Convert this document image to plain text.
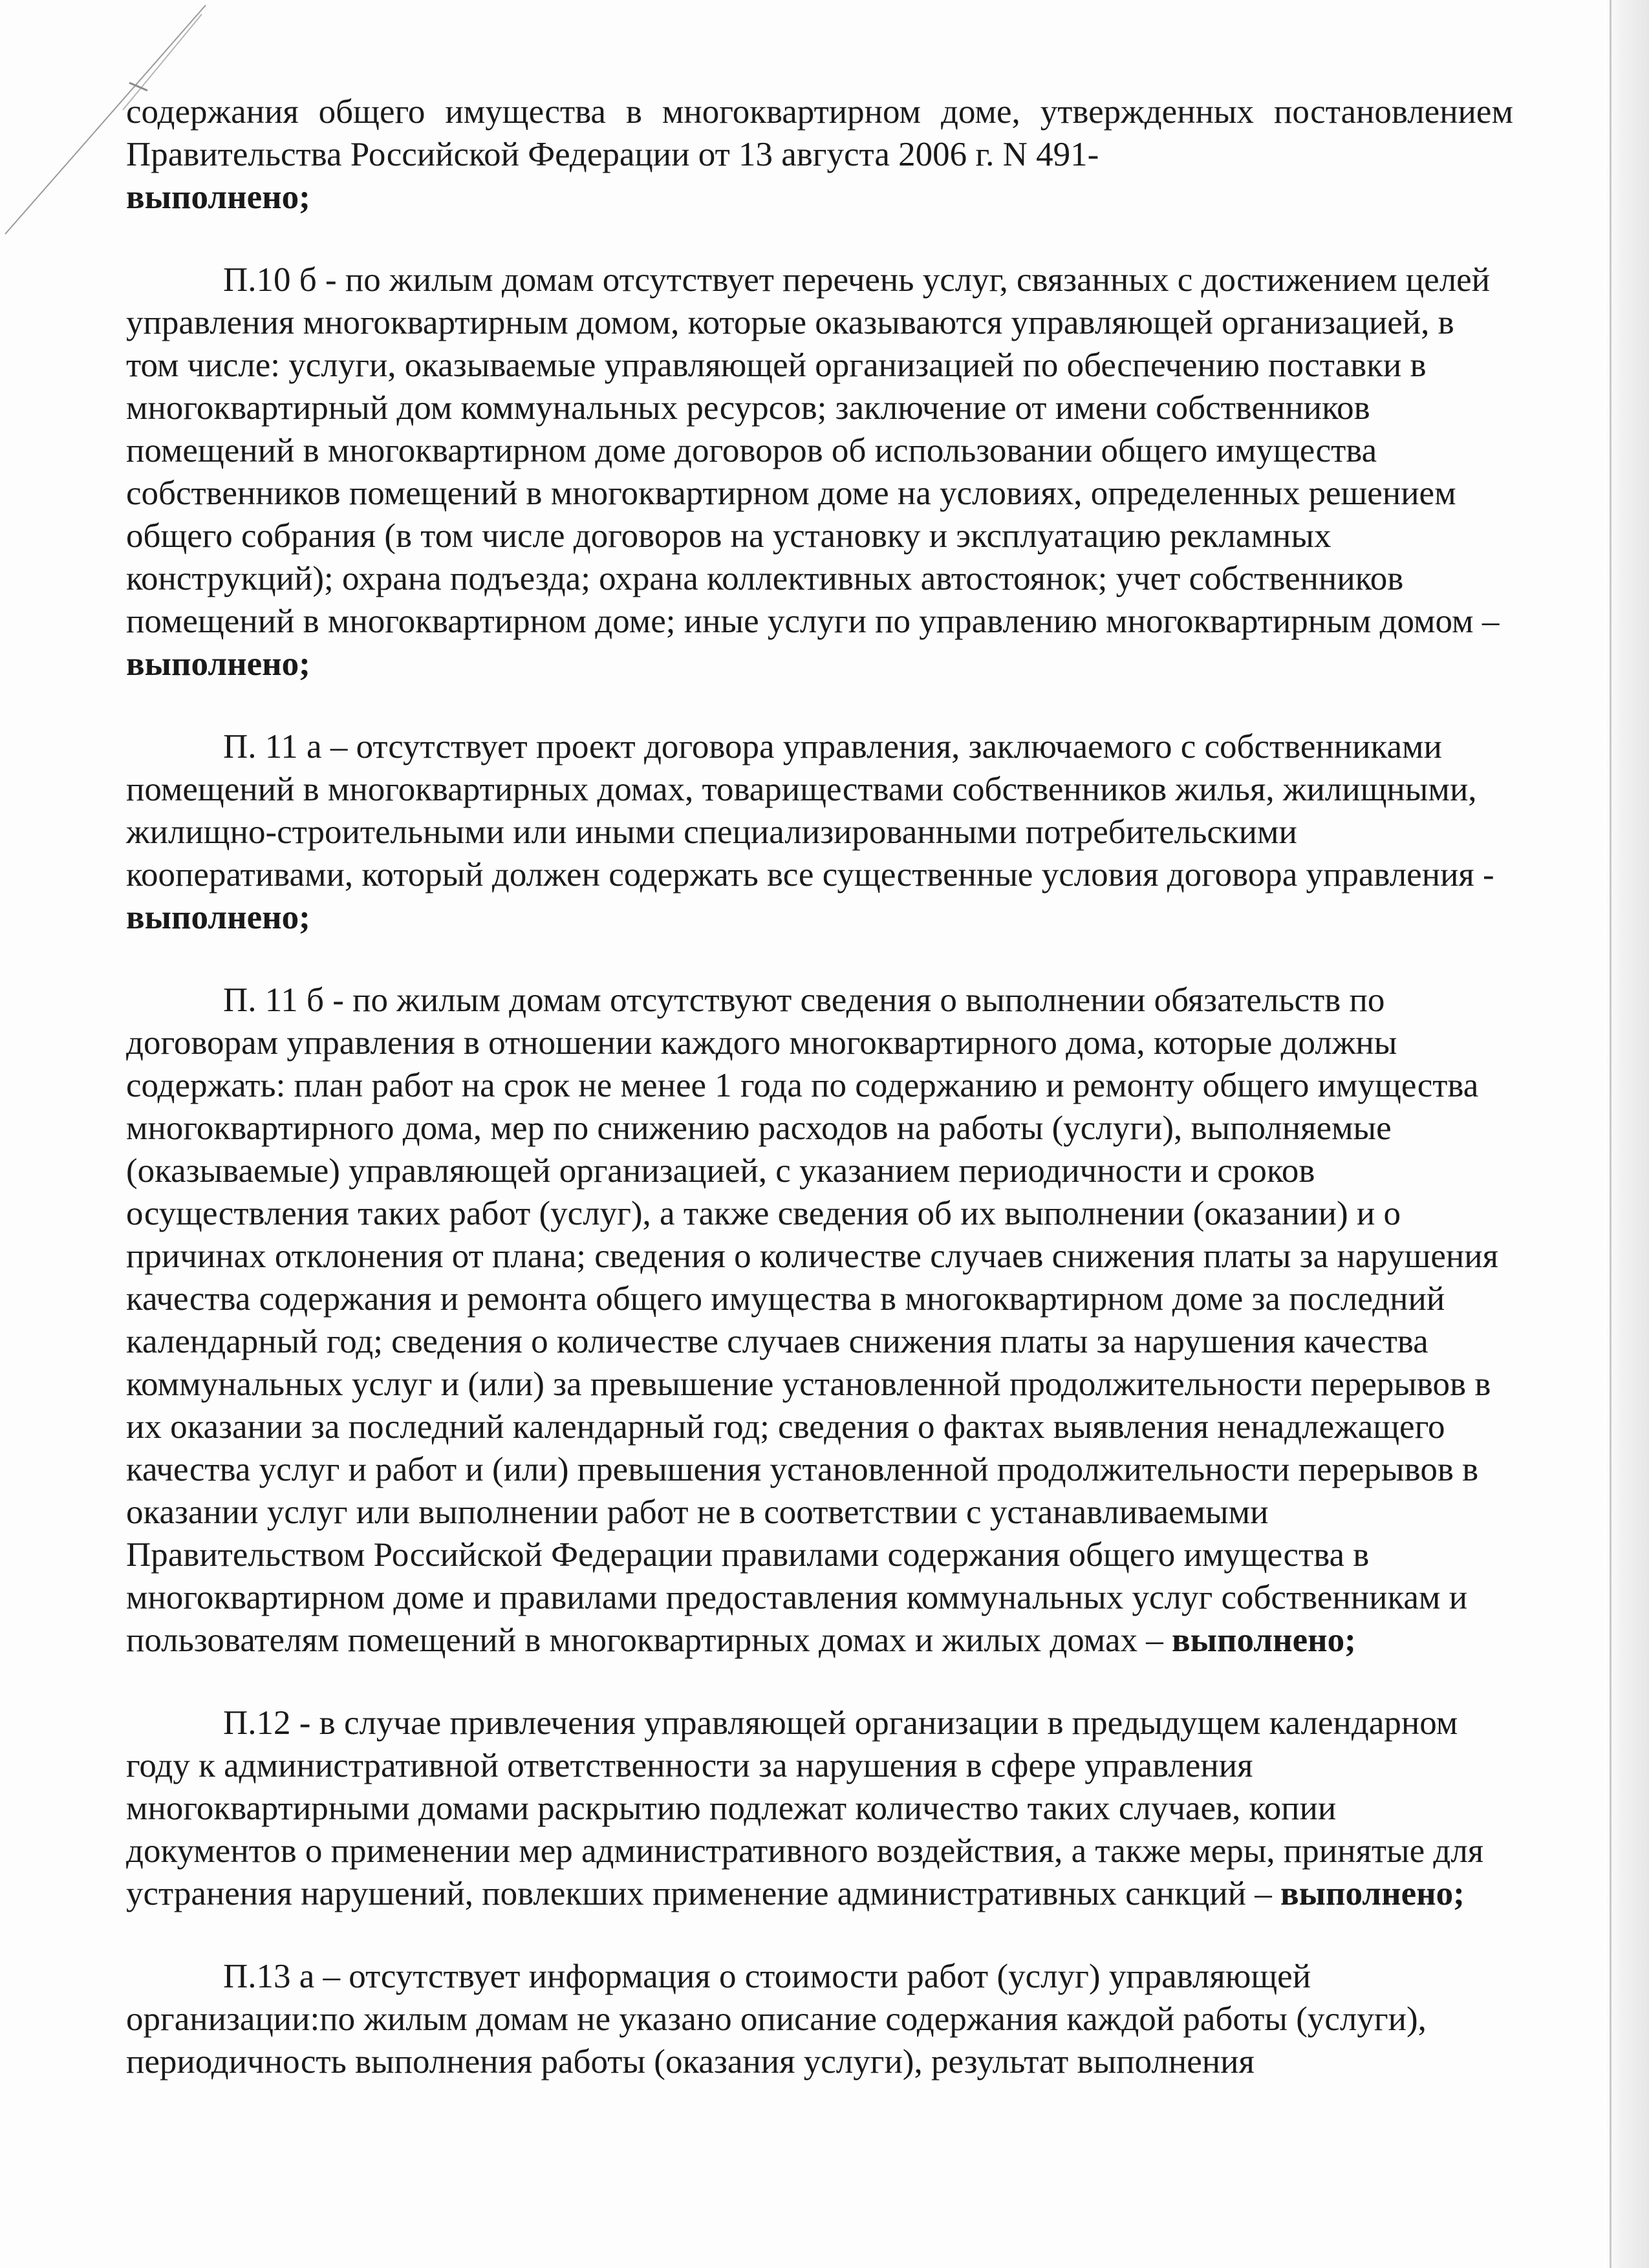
содержания общего имущества в многоквартирном доме, утвержденных постановлением Правительства Российской Федерации от 13 августа 2006 г. N 491-
выполнено;

П.10 б - по жилым домам отсутствует перечень услуг, связанных с достижением целей управления многоквартирным домом, которые оказываются управляющей организацией, в том числе: услуги, оказываемые управляющей организацией по обеспечению поставки в многоквартирный дом коммунальных ресурсов; заключение от имени собственников помещений в многоквартирном доме договоров об использовании общего имущества собственников помещений в многоквартирном доме на условиях, определенных решением общего собрания (в том числе договоров на установку и эксплуатацию рекламных конструкций); охрана подъезда; охрана коллективных автостоянок; учет собственников помещений в многоквартирном доме; иные услуги по управлению многоквартирным домом – выполнено;

П. 11 а – отсутствует проект договора управления, заключаемого с собственниками помещений в многоквартирных домах, товариществами собственников жилья, жилищными, жилищно-строительными или иными специализированными потребительскими кооперативами, который должен содержать все существенные условия договора управления - выполнено;

П. 11 б - по жилым домам отсутствуют сведения о выполнении обязательств по договорам управления в отношении каждого многоквартирного дома, которые должны содержать: план работ на срок не менее 1 года по содержанию и ремонту общего имущества многоквартирного дома, мер по снижению расходов на работы (услуги), выполняемые (оказываемые) управляющей организацией, с указанием периодичности и сроков осуществления таких работ (услуг), а также сведения об их выполнении (оказании) и о причинах отклонения от плана; сведения о количестве случаев снижения платы за нарушения качества содержания и ремонта общего имущества в многоквартирном доме за последний календарный год; сведения о количестве случаев снижения платы за нарушения качества коммунальных услуг и (или) за превышение установленной продолжительности перерывов в их оказании за последний календарный год; сведения о фактах выявления ненадлежащего качества услуг и работ и (или) превышения установленной продолжительности перерывов в оказании услуг или выполнении работ не в соответствии с устанавливаемыми Правительством Российской Федерации правилами содержания общего имущества в многоквартирном доме и правилами предоставления коммунальных услуг собственникам и пользователям помещений в многоквартирных домах и жилых домах – выполнено;

П.12 - в случае привлечения управляющей организации в предыдущем календарном году к административной ответственности за нарушения в сфере управления многоквартирными домами раскрытию подлежат количество таких случаев, копии документов о применении мер административного воздействия, а также меры, принятые для устранения нарушений, повлекших применение административных санкций – выполнено;

П.13 а – отсутствует информация о стоимости работ (услуг) управляющей организации:по жилым домам не указано описание содержания каждой работы (услуги), периодичность выполнения работы (оказания услуги), результат выполнения
